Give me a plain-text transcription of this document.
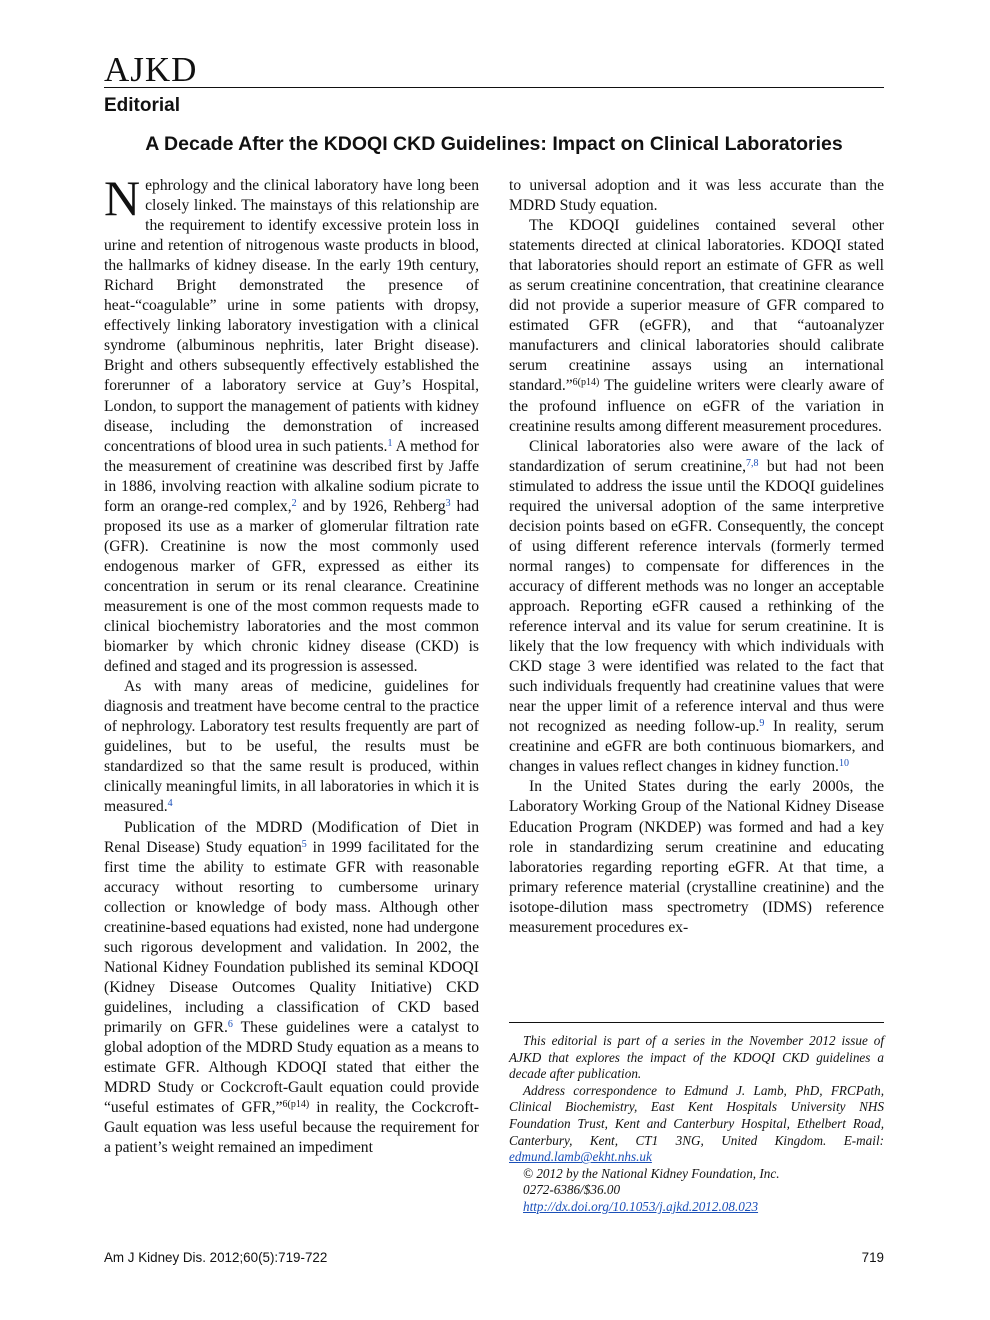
AJKD
Editorial
A Decade After the KDOQI CKD Guidelines: Impact on Clinical Laboratories

Nephrology and the clinical laboratory have long been closely linked. The mainstays of this relationship are the requirement to identify excessive protein loss in urine and retention of nitrogenous waste products in blood, the hallmarks of kidney disease. In the early 19th century, Richard Bright demonstrated the presence of heat-“coagulable” urine in some patients with dropsy, effectively linking laboratory investigation with a clinical syndrome (albuminous nephritis, later Bright disease). Bright and others subsequently effectively established the forerunner of a laboratory service at Guy’s Hospital, London, to support the management of patients with kidney disease, including the demonstration of increased concentrations of blood urea in such patients.$^1$ A method for the measurement of creatinine was described first by Jaffe in 1886, involving reaction with alkaline sodium picrate to form an orange-red complex,$^2$ and by 1926, Rehberg$^3$ had proposed its use as a marker of glomerular filtration rate (GFR). Creatinine is now the most commonly used endogenous marker of GFR, expressed as either its concentration in serum or its renal clearance. Creatinine measurement is one of the most common requests made to clinical biochemistry laboratories and the most common biomarker by which chronic kidney disease (CKD) is defined and staged and its progression is assessed.

As with many areas of medicine, guidelines for diagnosis and treatment have become central to the practice of nephrology. Laboratory test results frequently are part of guidelines, but to be useful, the results must be standardized so that the same result is produced, within clinically meaningful limits, in all laboratories in which it is measured.$^4$

Publication of the MDRD (Modification of Diet in Renal Disease) Study equation$^5$ in 1999 facilitated for the first time the ability to estimate GFR with reasonable accuracy without resorting to cumbersome urinary collection or knowledge of body mass. Although other creatinine-based equations had existed, none had undergone such rigorous development and validation. In 2002, the National Kidney Foundation published its seminal KDOQI (Kidney Disease Outcomes Quality Initiative) CKD guidelines, including a classification of CKD based primarily on GFR.$^6$ These guidelines were a catalyst to global adoption of the MDRD Study equation as a means to estimate GFR. Although KDOQI stated that either the MDRD Study or Cockcroft-Gault equation could provide “useful estimates of GFR,”$^{6(p14)}$ in reality, the Cockcroft-Gault equation was less useful because the requirement for a patient’s weight remained an impediment

to universal adoption and it was less accurate than the MDRD Study equation.

The KDOQI guidelines contained several other statements directed at clinical laboratories. KDOQI stated that laboratories should report an estimate of GFR as well as serum creatinine concentration, that creatinine clearance did not provide a superior measure of GFR compared to estimated GFR (eGFR), and that “autoanalyzer manufacturers and clinical laboratories should calibrate serum creatinine assays using an international standard.”$^{6(p14)}$ The guideline writers were clearly aware of the profound influence on eGFR of the variation in creatinine results among different measurement procedures.

Clinical laboratories also were aware of the lack of standardization of serum creatinine,$^{7,8}$ but had not been stimulated to address the issue until the KDOQI guidelines required the universal adoption of the same interpretive decision points based on eGFR. Consequently, the concept of using different reference intervals (formerly termed normal ranges) to compensate for differences in the accuracy of different methods was no longer an acceptable approach. Reporting eGFR caused a rethinking of the reference interval and its value for serum creatinine. It is likely that the low frequency with which individuals with CKD stage 3 were identified was related to the fact that such individuals frequently had creatinine values that were near the upper limit of a reference interval and thus were not recognized as needing follow-up.$^9$ In reality, serum creatinine and eGFR are both continuous biomarkers, and changes in values reflect changes in kidney function.$^{10}$

In the United States during the early 2000s, the Laboratory Working Group of the National Kidney Disease Education Program (NKDEP) was formed and had a key role in standardizing serum creatinine and educating laboratories regarding reporting eGFR. At that time, a primary reference material (crystalline creatinine) and the isotope-dilution mass spectrometry (IDMS) reference measurement procedures ex-

This editorial is part of a series in the November 2012 issue of AJKD that explores the impact of the KDOQI CKD guidelines a decade after publication.

Address correspondence to Edmund J. Lamb, PhD, FRCPath, Clinical Biochemistry, East Kent Hospitals University NHS Foundation Trust, Kent and Canterbury Hospital, Ethelbert Road, Canterbury, Kent, CT1 3NG, United Kingdom. E-mail: edmund.lamb@ekht.nhs.uk

© 2012 by the National Kidney Foundation, Inc.

0272-6386/$36.00

http://dx.doi.org/10.1053/j.ajkd.2012.08.023

Am J Kidney Dis. 2012;60(5):719-722	719
